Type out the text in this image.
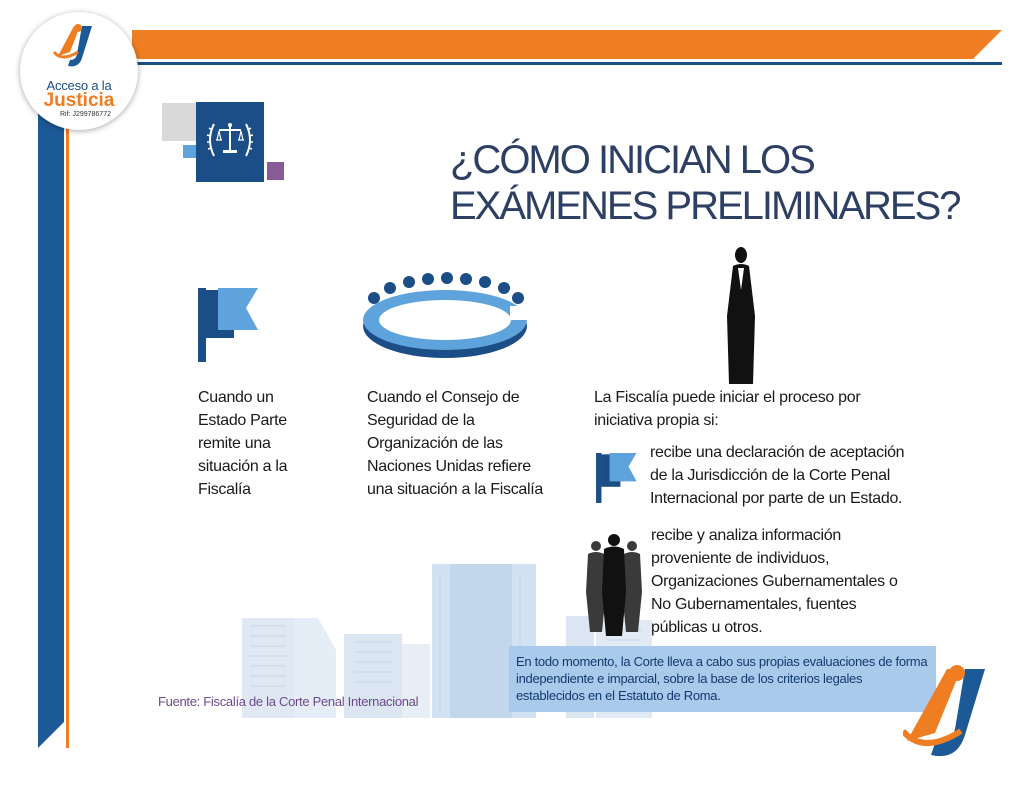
Acceso a la
Justicia
Rif: J299786772
¿CÓMO INICIAN LOS
EXÁMENES PRELIMINARES?
Cuando un Estado Parte remite una situación a la Fiscalía
Cuando el Consejo de Seguridad de la Organización de las Naciones Unidas refiere una situación a la Fiscalía
La Fiscalía puede iniciar el proceso por iniciativa propia si:
recibe una declaración de aceptación de la Jurisdicción de la Corte Penal Internacional por parte de un Estado.
recibe y analiza información proveniente de individuos, Organizaciones Gubernamentales o No Gubernamentales, fuentes públicas u otros.
En todo momento, la Corte lleva a cabo sus propias evaluaciones de forma independiente e imparcial, sobre la base de los criterios legales establecidos en el Estatuto de Roma.
Fuente: Fiscalía de la Corte Penal Internacional
